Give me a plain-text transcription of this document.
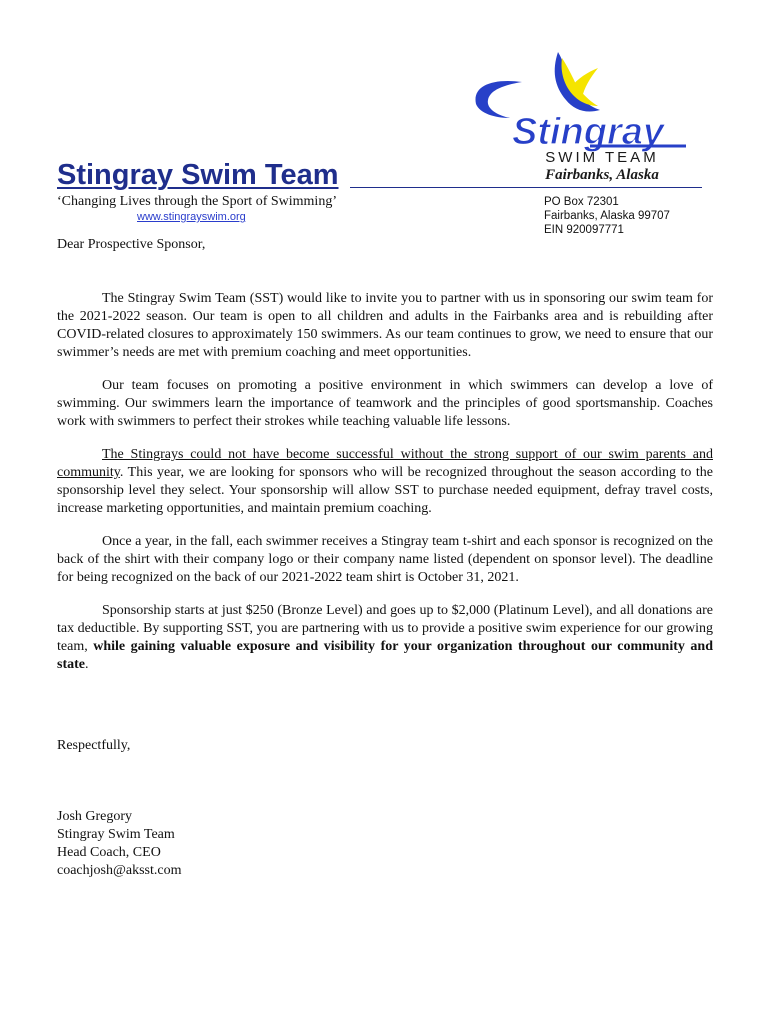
Stingray
SWIM TEAM
Fairbanks, Alaska
Stingray Swim Team
‘Changing Lives through the Sport of Swimming’
www.stingrayswim.org
PO Box 72301
Fairbanks, Alaska 99707
EIN 920097771
Dear Prospective Sponsor,

The Stingray Swim Team (SST) would like to invite you to partner with us in sponsoring our swim team for the 2021-2022 season. Our team is open to all children and adults in the Fairbanks area and is rebuilding after COVID-related closures to approximately 150 swimmers. As our team continues to grow, we need to ensure that our swimmer’s needs are met with premium coaching and meet opportunities.

Our team focuses on promoting a positive environment in which swimmers can develop a love of swimming. Our swimmers learn the importance of teamwork and the principles of good sportsmanship. Coaches work with swimmers to perfect their strokes while teaching valuable life lessons.

The Stingrays could not have become successful without the strong support of our swim parents and community. This year, we are looking for sponsors who will be recognized throughout the season according to the sponsorship level they select. Your sponsorship will allow SST to purchase needed equipment, defray travel costs, increase marketing opportunities, and maintain premium coaching.

Once a year, in the fall, each swimmer receives a Stingray team t-shirt and each sponsor is recognized on the back of the shirt with their company logo or their company name listed (dependent on sponsor level). The deadline for being recognized on the back of our 2021-2022 team shirt is October 31, 2021.

Sponsorship starts at just $250 (Bronze Level) and goes up to $2,000 (Platinum Level), and all donations are tax deductible. By supporting SST, you are partnering with us to provide a positive swim experience for our growing team, while gaining valuable exposure and visibility for your organization throughout our community and state.

Respectfully,
Josh Gregory
Stingray Swim Team
Head Coach, CEO
coachjosh@aksst.com
